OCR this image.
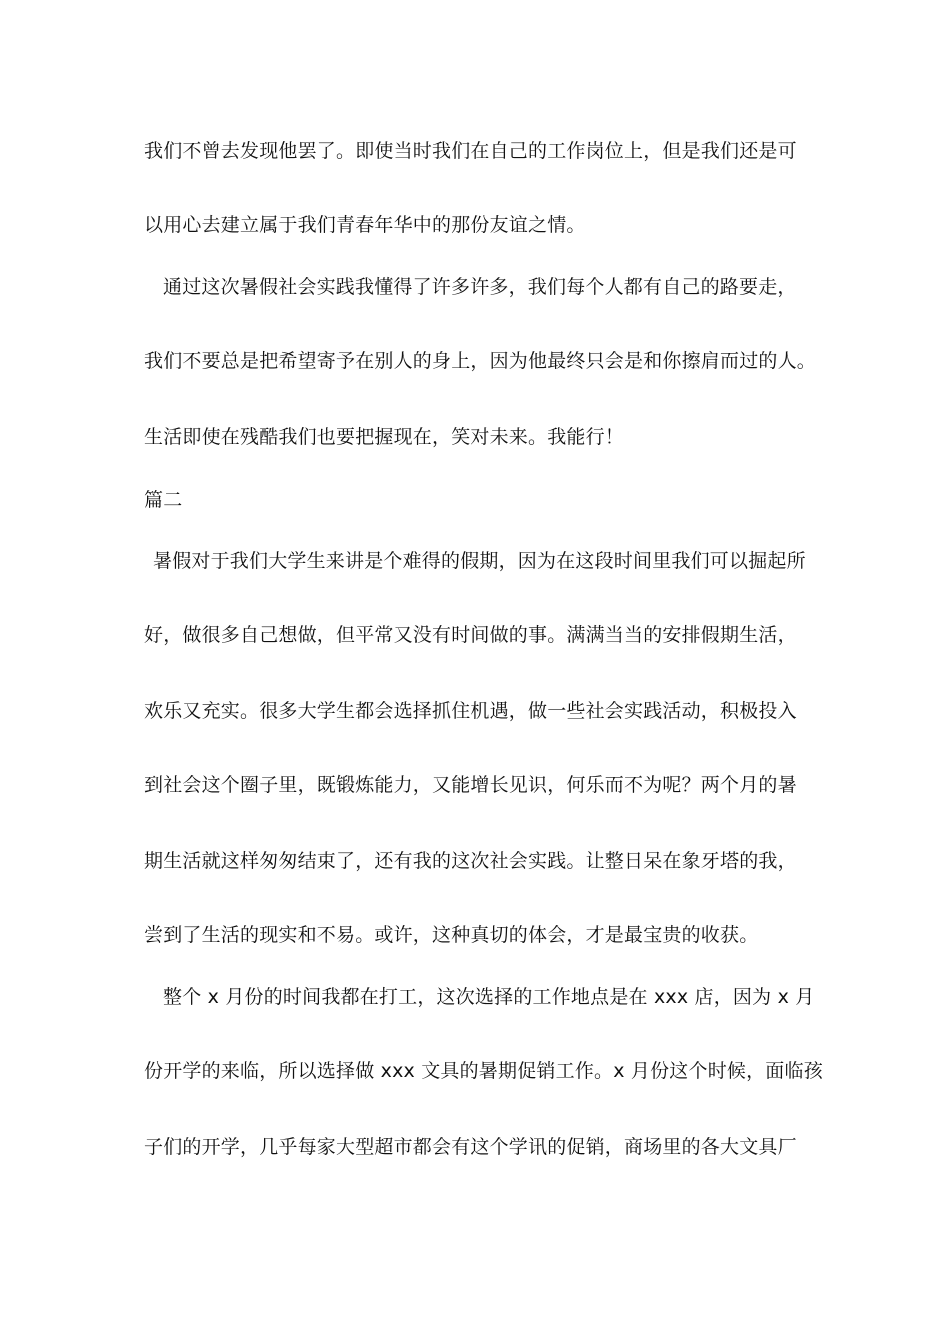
我们不曾去发现他罢了。即使当时我们在自己的工作岗位上，但是我们还是可
以用心去建立属于我们青春年华中的那份友谊之情。
通过这次暑假社会实践我懂得了许多许多，我们每个人都有自己的路要走，
我们不要总是把希望寄予在别人的身上，因为他最终只会是和你擦肩而过的人。
生活即使在残酷我们也要把握现在，笑对未来。我能行！
篇二
暑假对于我们大学生来讲是个难得的假期，因为在这段时间里我们可以掘起所
好，做很多自己想做，但平常又没有时间做的事。满满当当的安排假期生活，
欢乐又充实。很多大学生都会选择抓住机遇，做一些社会实践活动，积极投入
到社会这个圈子里，既锻炼能力，又能增长见识，何乐而不为呢？两个月的暑
期生活就这样匆匆结束了，还有我的这次社会实践。让整日呆在象牙塔的我，
尝到了生活的现实和不易。或许，这种真切的体会，才是最宝贵的收获。
整个 x 月份的时间我都在打工，这次选择的工作地点是在 xxx 店，因为 x 月
份开学的来临，所以选择做 xxx 文具的暑期促销工作。x 月份这个时候，面临孩
子们的开学，几乎每家大型超市都会有这个学讯的促销，商场里的各大文具厂
